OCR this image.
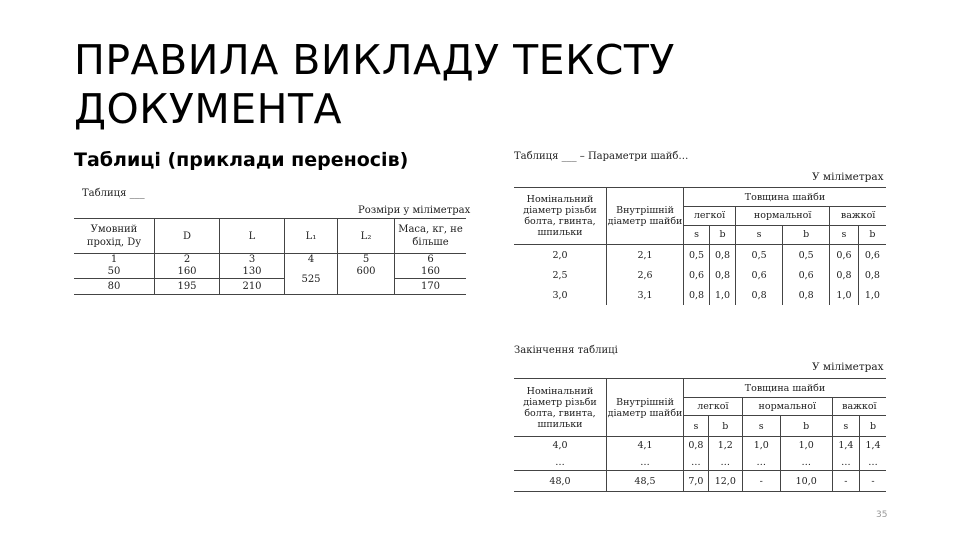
ПРАВИЛА ВИКЛАДУ ТЕКСТУ
ДОКУМЕНТА
Таблиці (приклади переносів)
Таблиця ___
Розміри у міліметрах
Умовний прохід, Dу	D	L	L₁	L₂	Маса, кг, не більше
1	2	3	4	5	6
50	160	130	525	600	160
80	195	210			170
Таблиця ___ – Параметри шайб…
У міліметрах
Номінальний діаметр різьби болта, гвинта, шпильки	Внутрішній діаметр шайби	Товщина шайби					
		легкої		нормальної		важкої	
		s	b	s	b	s	b
2,0	2,1	0,5	0,8	0,5	0,5	0,6	0,6
2,5	2,6	0,6	0,8	0,6	0,6	0,8	0,8
3,0	3,1	0,8	1,0	0,8	0,8	1,0	1,0
Закінчення таблиці
У міліметрах
Номінальний діаметр різьби болта, гвинта, шпильки	Внутрішній діаметр шайби	Товщина шайби					
		легкої		нормальної		важкої	
		s	b	s	b	s	b
4,0	4,1	0,8	1,2	1,0	1,0	1,4	1,4
…	…	…	…	…	…	…	…
48,0	48,5	7,0	12,0	-	10,0	-	-
35
